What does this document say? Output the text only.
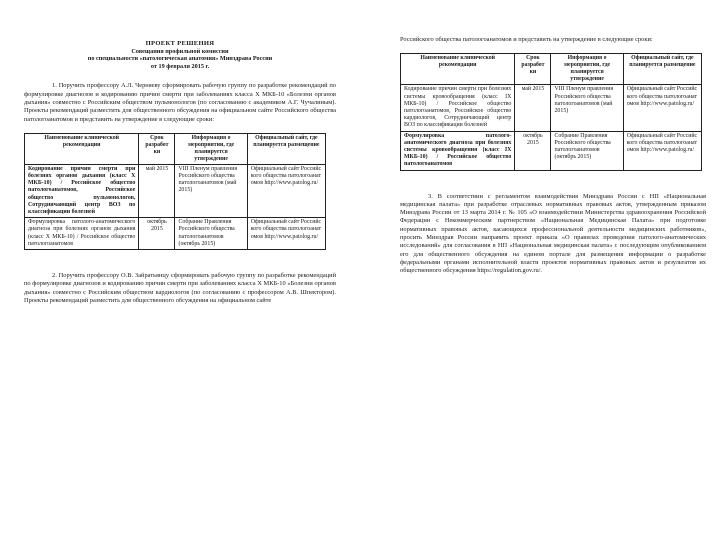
ПРОЕКТ РЕШЕНИЯ
Совещания профильной комиссии
по специальности «патологическая анатомия» Минздрава России
от 19 февраля 2015 г.

1. Поручить профессору А.Л. Черняеву сформировать рабочую группу по разработке рекомендаций по формулировке диагнозов и кодированию причин смерти при заболеваниях класса X МКБ-10 «Болезни органов дыхания» совместно с Российским обществом пульмонологов (по согласованию с академиком А.Г. Чучалиным). Проекты рекомендаций разместить для общественного обсуждения на официальном сайте Российского общества патологоанатомов и представить на утверждение в следующие сроки:

Наименование клинической рекомендации	Срок разработ ки	Информация о мероприятии, где планируется утверждение	Официальный сайт, где планируется размещение
Кодирование причин смерти при болезнях органов дыхания (класс X МКБ-10) / Российское общество патологоанатомов, Российское общество пульмонологов, Сотрудничающий центр ВОЗ по классификации болезней	май 2015	VIII Пленум правления Российского общества патологоанатомов (май 2015)	Официальный сайт Российского общества патологоанатомов http://www.patolog.ru/
Формулировка патолого-анатомического диагноза при болезнях органов дыхания (класс X МКБ-10) / Российское общество патологоанатомов	октябрь 2015	Собрание Правления Российского общества патологоанатомов (октябрь 2015)	Официальный сайт Российского общества патологоанатомов http://www.patolog.ru/

2. Поручить профессору О.В. Зайратьянцу сформировать рабочую группу по разработке рекомендаций по формулировке диагнозов и кодированию причин смерти при заболеваниях класса X МКБ-10 «Болезни органов дыхания» совместно с Российским обществом кардиологов (по согласованию с профессором А.В. Шпектором). Проекты рекомендаций разместить для общественного обсуждения на официальном сайте

Российского общества патологоанатомов и представить на утверждение в следующие сроки:

Наименование клинической рекомендации	Срок разработ ки	Информация о мероприятии, где планируется утверждение	Официальный сайт, где планируется размещение
Кодирование причин смерти при болезнях системы кровообращения (класс IX МКБ-10) / Российское общество патологоанатомов, Российское общество кардиологов, Сотрудничающий центр ВОЗ по классификации болезней	май 2015	VIII Пленум правления Российского общества патологоанатомов (май 2015)	Официальный сайт Российского общества патологоанатомов http://www.patolog.ru/
Формулировка патолого-анатомического диагноза при болезнях системы кровообращения (класс IX МКБ-10) / Российское общество патологоанатомов	октябрь 2015	Собрание Правления Российского общества патологоанатомов (октябрь 2015)	Официальный сайт Российского общества патологоанатомов http://www.patolog.ru/

3. В соответствии с регламентом взаимодействия Минздрава России с НП «Национальная медицинская палата» при разработке отраслевых нормативных правовых актов, утвержденным приказом Минздрава России от 13 марта 2014 г. № 105 «О взаимодействии Министерства здравоохранения Российской Федерации с Некоммерческим партнерством «Национальная Медицинская Палата» при подготовке нормативных правовых актов, касающихся профессиональной деятельности медицинских работников», просить Минздрав России направить проект приказа «О правилах проведения патолого-анатомических исследований» для согласования в НП «Национальная медицинская палата» с последующим опубликованием его для общественного обсуждения на едином портале для размещения информации о разработке федеральными органами исполнительной власти проектов нормативных правовых актов и результатов их общественного обсуждения https://regulation.gov.ru/.
